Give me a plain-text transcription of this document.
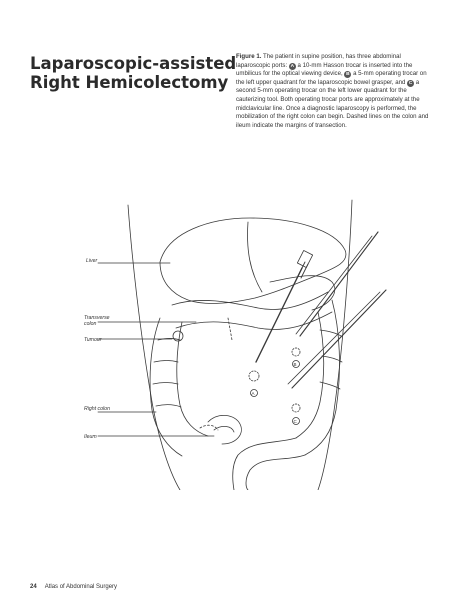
Laparoscopic-assisted
Right Hemicolectomy

Figure 1. The patient in supine position, has three abdominal laparoscopic ports: A a 10-mm Hasson trocar is inserted into the umbilicus for the optical viewing device, B a 5-mm operating trocar on the left upper quadrant for the laparoscopic bowel grasper, and C a second 5-mm operating trocar on the left lower quadrant for the cauterizing tool. Both operating trocar ports are approximately at the midclavicular line. Once a diagnostic laparoscopy is performed, the mobilization of the right colon can begin. Dashed lines on the colon and ileum indicate the margins of transection.

Liver
Transverse
colon
Tumour
Right colon
Ileum
A
B
C
24 Atlas of Abdominal Surgery
